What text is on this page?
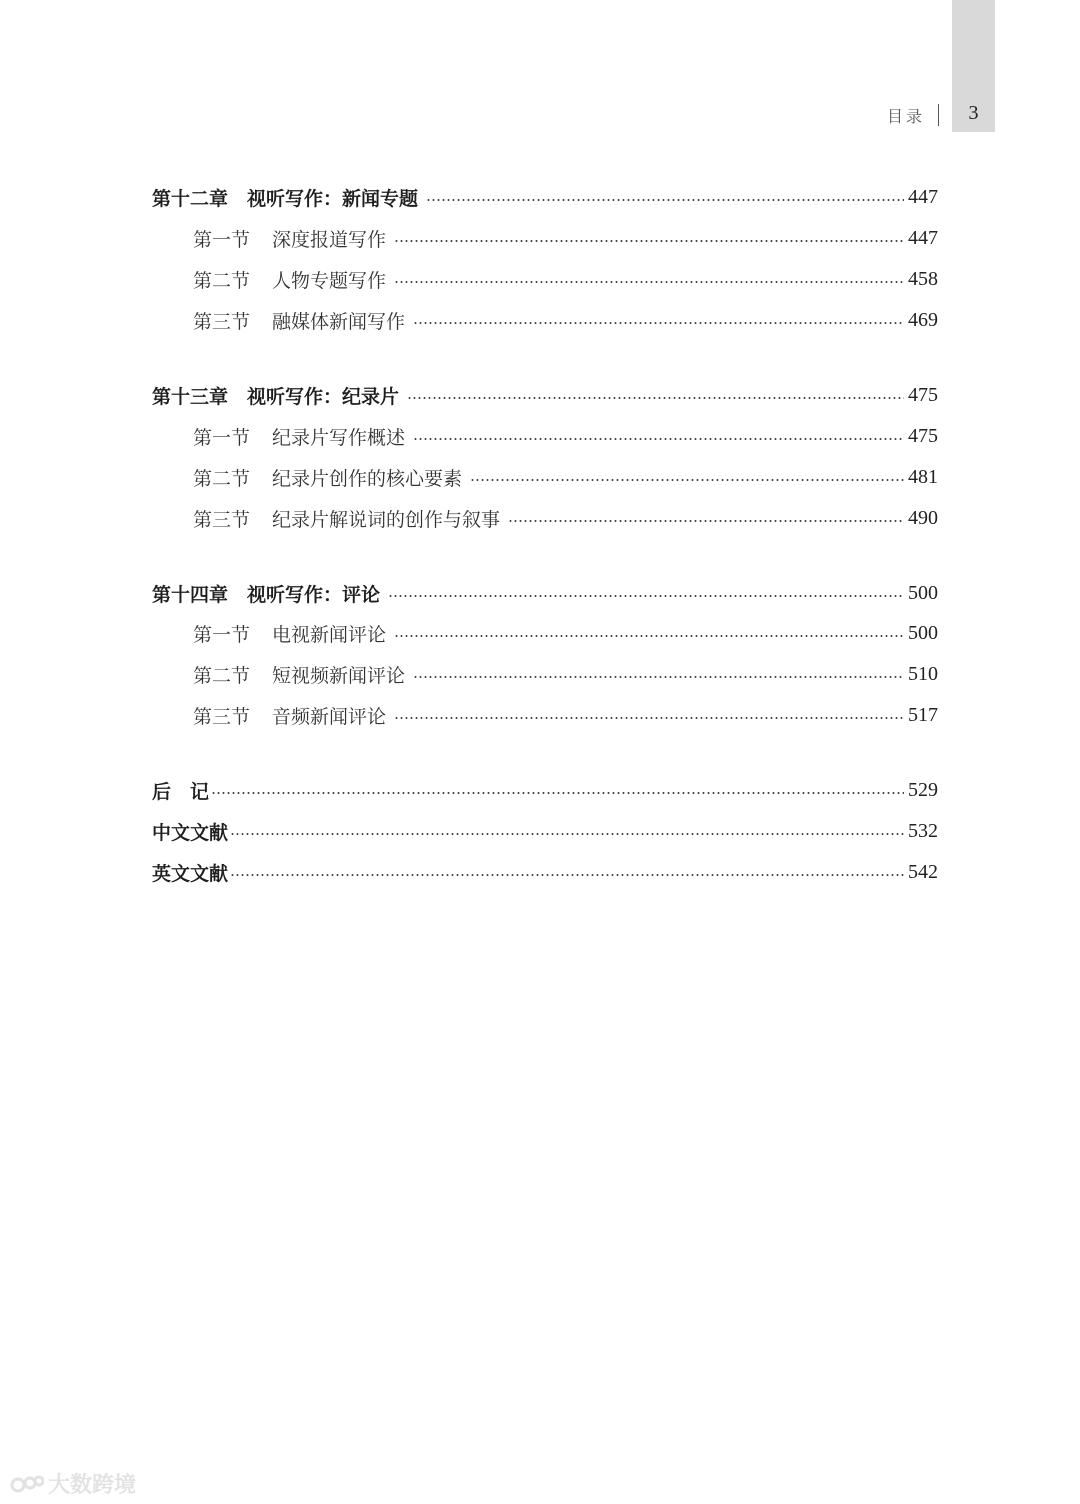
3
目录
第十二章　视听写作：新闻专题	447
第一节 深度报道写作	447
第二节 人物专题写作	458
第三节 融媒体新闻写作	469
第十三章　视听写作：纪录片	475
第一节 纪录片写作概述	475
第二节 纪录片创作的核心要素	481
第三节 纪录片解说词的创作与叙事	490
第十四章　视听写作：评论	500
第一节 电视新闻评论	500
第二节 短视频新闻评论	510
第三节 音频新闻评论	517
后　记	529
中文文献	532
英文文献	542
大数跨境
